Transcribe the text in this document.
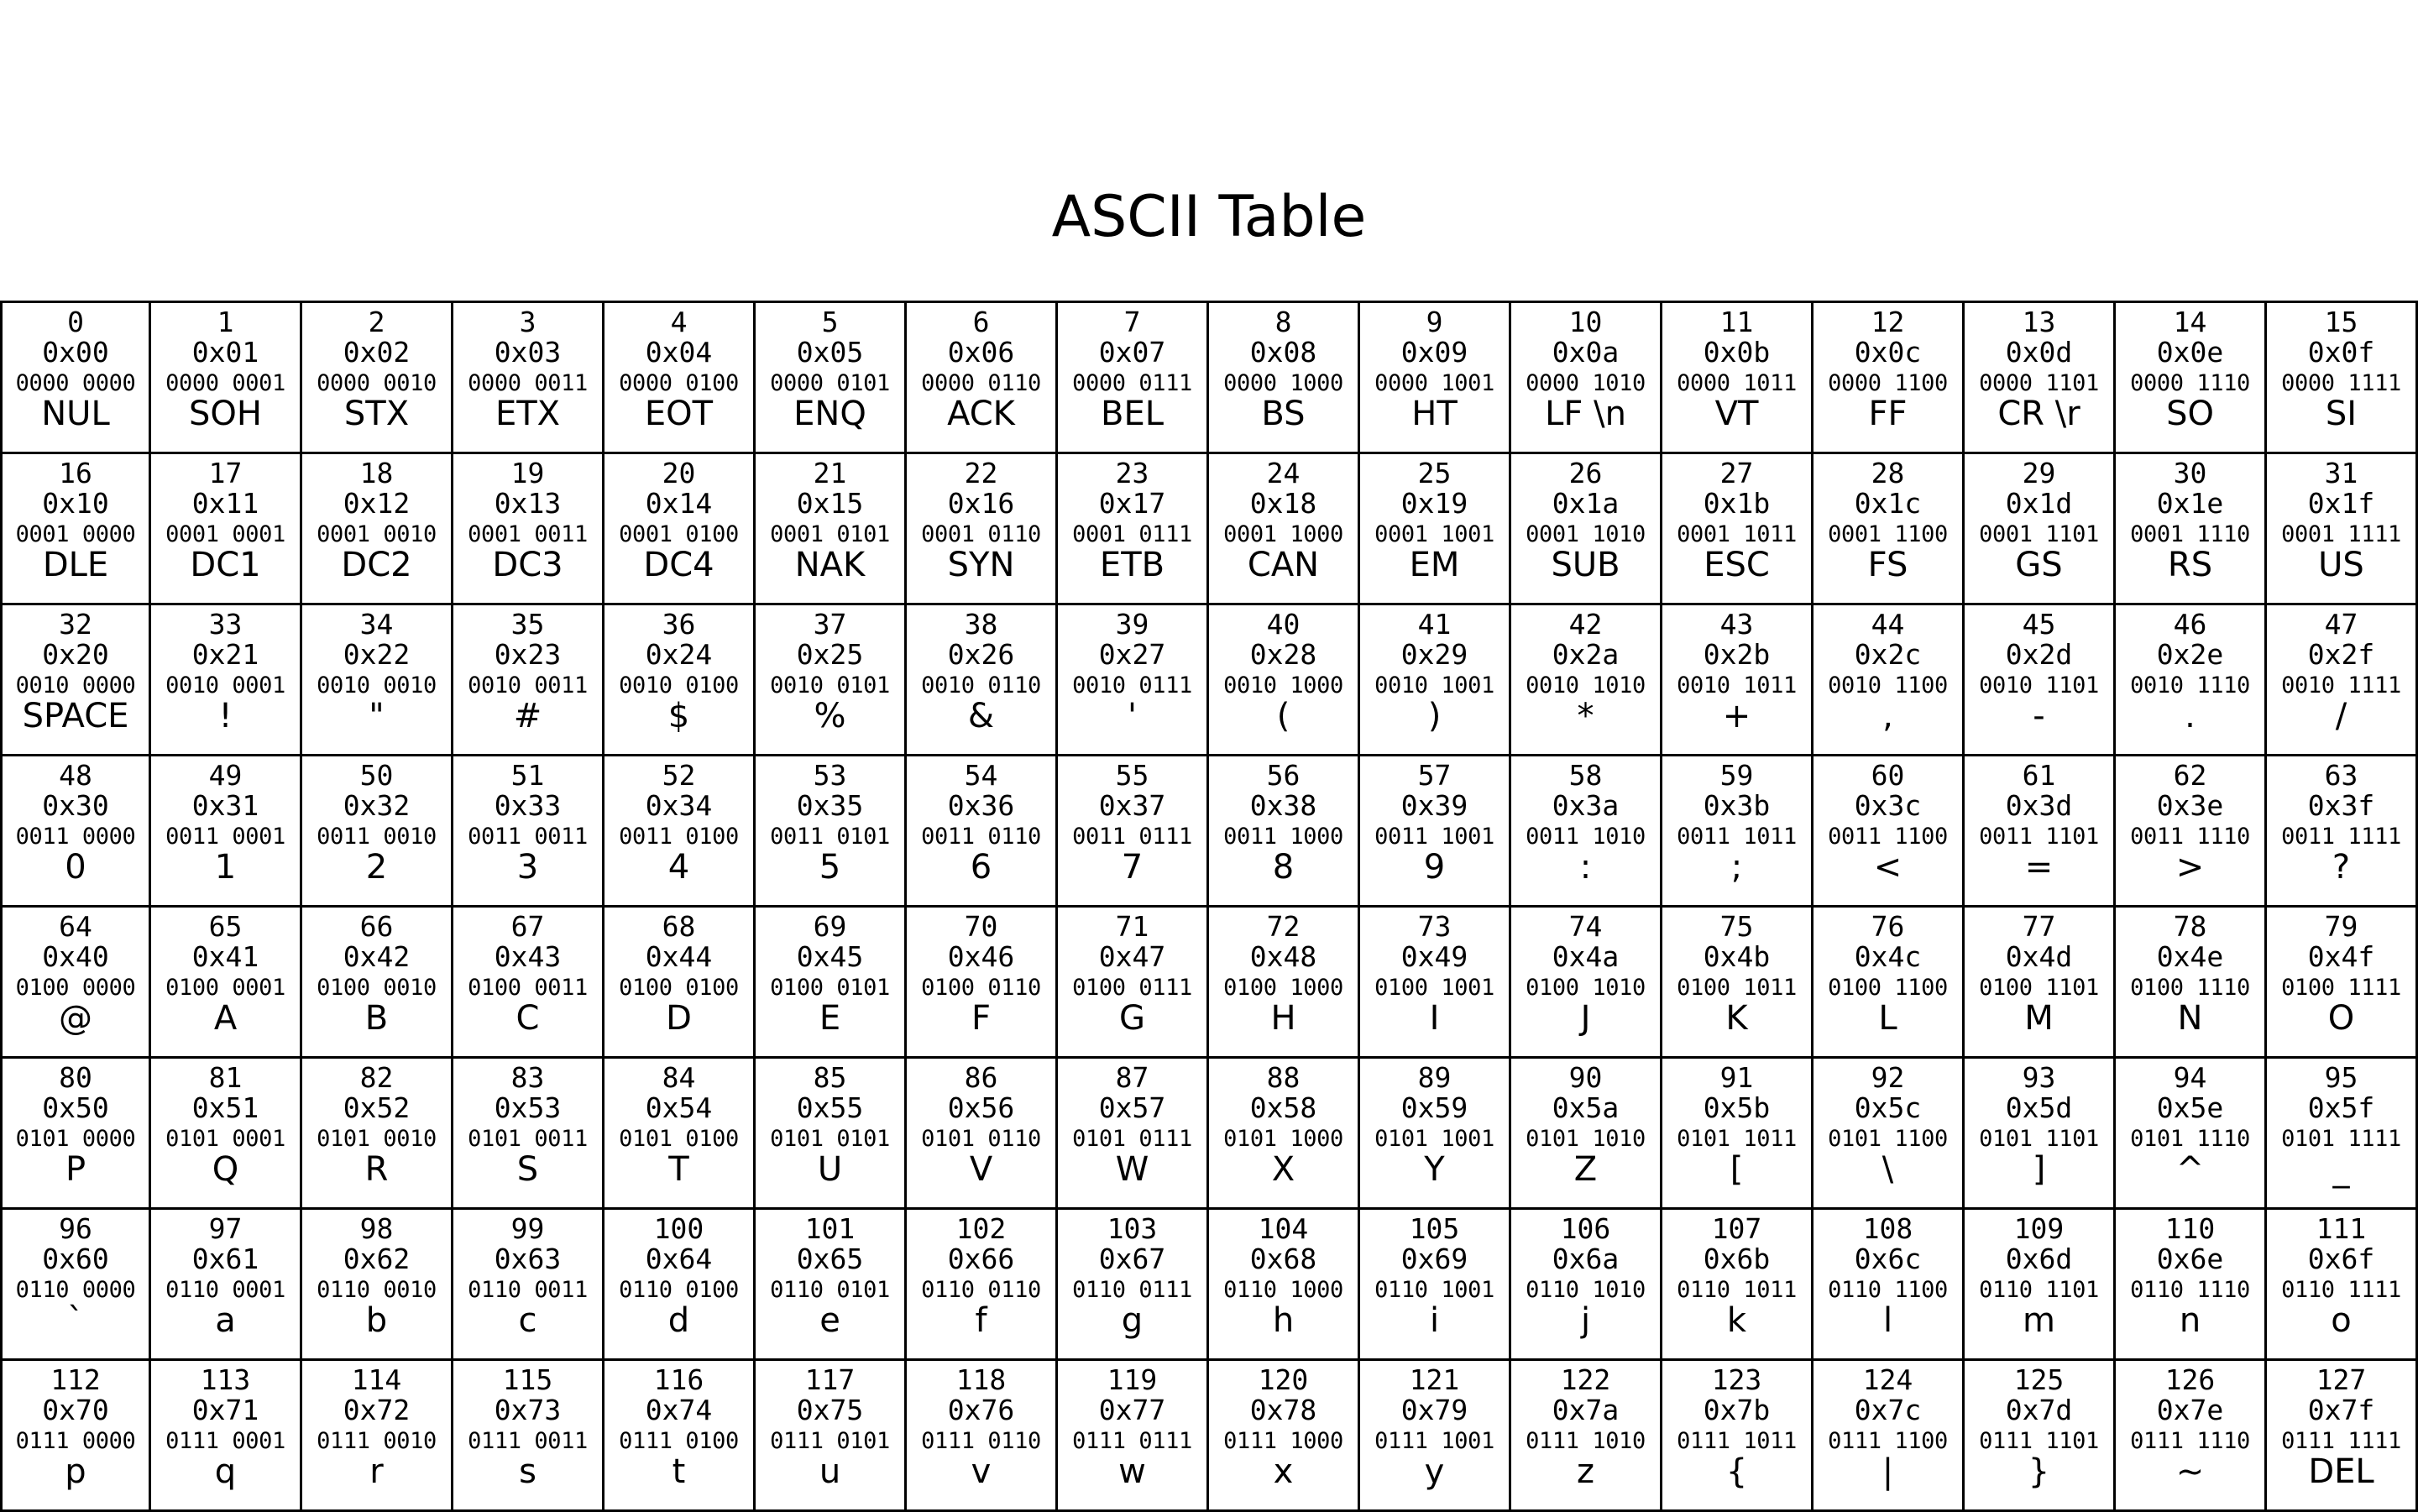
ASCII Table
0
0x00
0000 0000
NUL
1
0x01
0000 0001
SOH
2
0x02
0000 0010
STX
3
0x03
0000 0011
ETX
4
0x04
0000 0100
EOT
5
0x05
0000 0101
ENQ
6
0x06
0000 0110
ACK
7
0x07
0000 0111
BEL
8
0x08
0000 1000
BS
9
0x09
0000 1001
HT
10
0x0a
0000 1010
LF \n
11
0x0b
0000 1011
VT
12
0x0c
0000 1100
FF
13
0x0d
0000 1101
CR \r
14
0x0e
0000 1110
SO
15
0x0f
0000 1111
SI
16
0x10
0001 0000
DLE
17
0x11
0001 0001
DC1
18
0x12
0001 0010
DC2
19
0x13
0001 0011
DC3
20
0x14
0001 0100
DC4
21
0x15
0001 0101
NAK
22
0x16
0001 0110
SYN
23
0x17
0001 0111
ETB
24
0x18
0001 1000
CAN
25
0x19
0001 1001
EM
26
0x1a
0001 1010
SUB
27
0x1b
0001 1011
ESC
28
0x1c
0001 1100
FS
29
0x1d
0001 1101
GS
30
0x1e
0001 1110
RS
31
0x1f
0001 1111
US
32
0x20
0010 0000
SPACE
33
0x21
0010 0001
!
34
0x22
0010 0010
"
35
0x23
0010 0011
#
36
0x24
0010 0100
$
37
0x25
0010 0101
%
38
0x26
0010 0110
&
39
0x27
0010 0111
'
40
0x28
0010 1000
(
41
0x29
0010 1001
)
42
0x2a
0010 1010
*
43
0x2b
0010 1011
+
44
0x2c
0010 1100
,
45
0x2d
0010 1101
-
46
0x2e
0010 1110
.
47
0x2f
0010 1111
/
48
0x30
0011 0000
0
49
0x31
0011 0001
1
50
0x32
0011 0010
2
51
0x33
0011 0011
3
52
0x34
0011 0100
4
53
0x35
0011 0101
5
54
0x36
0011 0110
6
55
0x37
0011 0111
7
56
0x38
0011 1000
8
57
0x39
0011 1001
9
58
0x3a
0011 1010
:
59
0x3b
0011 1011
;
60
0x3c
0011 1100
<
61
0x3d
0011 1101
=
62
0x3e
0011 1110
>
63
0x3f
0011 1111
?
64
0x40
0100 0000
@
65
0x41
0100 0001
A
66
0x42
0100 0010
B
67
0x43
0100 0011
C
68
0x44
0100 0100
D
69
0x45
0100 0101
E
70
0x46
0100 0110
F
71
0x47
0100 0111
G
72
0x48
0100 1000
H
73
0x49
0100 1001
I
74
0x4a
0100 1010
J
75
0x4b
0100 1011
K
76
0x4c
0100 1100
L
77
0x4d
0100 1101
M
78
0x4e
0100 1110
N
79
0x4f
0100 1111
O
80
0x50
0101 0000
P
81
0x51
0101 0001
Q
82
0x52
0101 0010
R
83
0x53
0101 0011
S
84
0x54
0101 0100
T
85
0x55
0101 0101
U
86
0x56
0101 0110
V
87
0x57
0101 0111
W
88
0x58
0101 1000
X
89
0x59
0101 1001
Y
90
0x5a
0101 1010
Z
91
0x5b
0101 1011
[
92
0x5c
0101 1100
\
93
0x5d
0101 1101
]
94
0x5e
0101 1110
^
95
0x5f
0101 1111
_
96
0x60
0110 0000
`
97
0x61
0110 0001
a
98
0x62
0110 0010
b
99
0x63
0110 0011
c
100
0x64
0110 0100
d
101
0x65
0110 0101
e
102
0x66
0110 0110
f
103
0x67
0110 0111
g
104
0x68
0110 1000
h
105
0x69
0110 1001
i
106
0x6a
0110 1010
j
107
0x6b
0110 1011
k
108
0x6c
0110 1100
l
109
0x6d
0110 1101
m
110
0x6e
0110 1110
n
111
0x6f
0110 1111
o
112
0x70
0111 0000
p
113
0x71
0111 0001
q
114
0x72
0111 0010
r
115
0x73
0111 0011
s
116
0x74
0111 0100
t
117
0x75
0111 0101
u
118
0x76
0111 0110
v
119
0x77
0111 0111
w
120
0x78
0111 1000
x
121
0x79
0111 1001
y
122
0x7a
0111 1010
z
123
0x7b
0111 1011
{
124
0x7c
0111 1100
|
125
0x7d
0111 1101
}
126
0x7e
0111 1110
~
127
0x7f
0111 1111
DEL
